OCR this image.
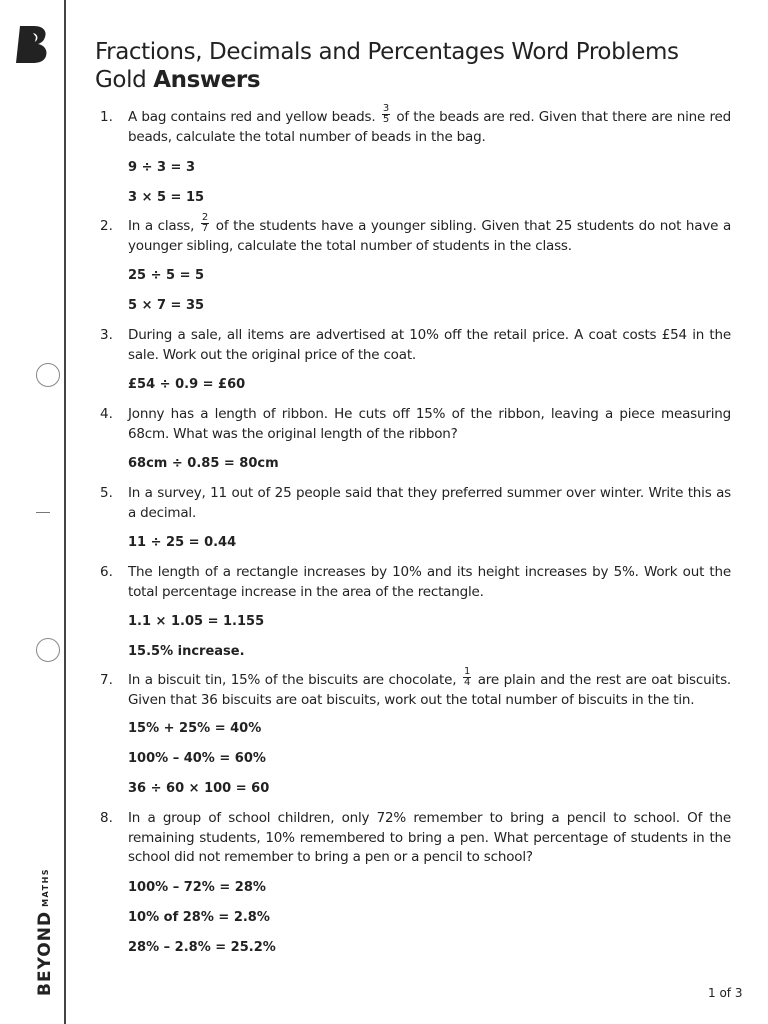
BEYONDMATHS
Fractions, Decimals and Percentages Word Problems
Gold Answers
1.	A bag contains red and yellow beads. $\frac{3}{5}$ of the beads are red. Given that there are nine red beads, calculate the total number of beads in the bag.
9 ÷ 3 = 3
3 × 5 = 15
2.	In a class, $\frac{2}{7}$ of the students have a younger sibling. Given that 25 students do not have a younger sibling, calculate the total number of students in the class.
25 ÷ 5 = 5
5 × 7 = 35
3.	During a sale, all items are advertised at 10% off the retail price. A coat costs £54 in the sale. Work out the original price of the coat.
£54 ÷ 0.9 = £60
4.	Jonny has a length of ribbon. He cuts off 15% of the ribbon, leaving a piece measuring 68cm. What was the original length of the ribbon?
68cm ÷ 0.85 = 80cm
5.	In a survey, 11 out of 25 people said that they preferred summer over winter. Write this as a decimal.
11 ÷ 25 = 0.44
6.	The length of a rectangle increases by 10% and its height increases by 5%. Work out the total percentage increase in the area of the rectangle.
1.1 × 1.05 = 1.155
15.5% increase.
7.	In a biscuit tin, 15% of the biscuits are chocolate, $\frac{1}{4}$ are plain and the rest are oat biscuits. Given that 36 biscuits are oat biscuits, work out the total number of biscuits in the tin.
15% + 25% = 40%
100% – 40% = 60%
36 ÷ 60 × 100 = 60
8.	In a group of school children, only 72% remember to bring a pencil to school. Of the remaining students, 10% remembered to bring a pen. What percentage of students in the school did not remember to bring a pen or a pencil to school?
100% – 72% = 28%
10% of 28% = 2.8%
28% – 2.8% = 25.2%
1 of 3
